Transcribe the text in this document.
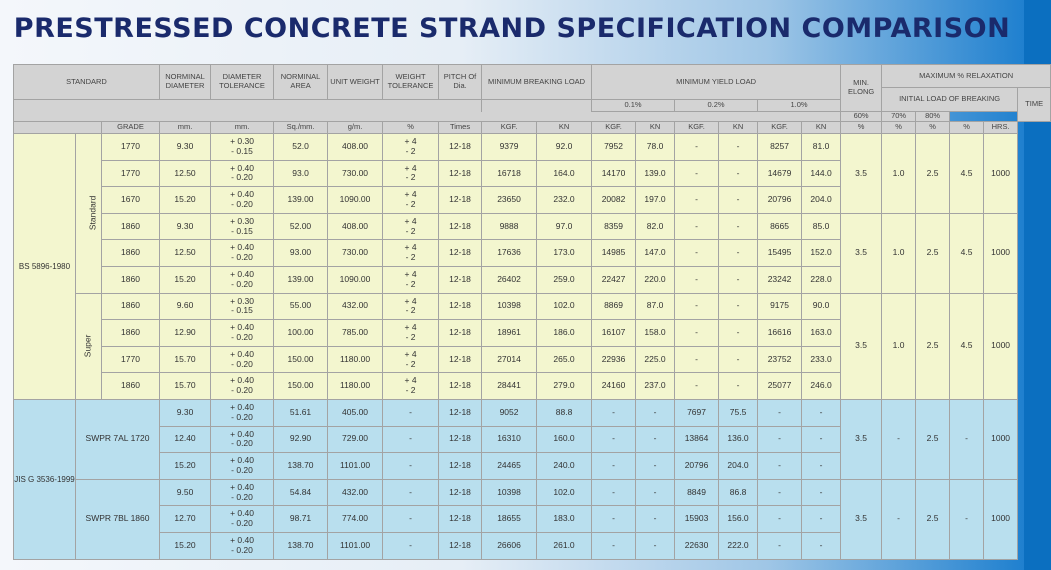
PRESTRESSED CONCRETE STRAND SPECIFICATION COMPARISON
STANDARD			NORMINAL DIAMETER	DIAMETER TOLERANCE	NORMINAL AREA	UNIT WEIGHT	WEIGHT TOLERANCE	PITCH Of Dia.	MINIMUM BREAKING LOAD		MINIMUM YIELD LOAD						MIN. ELONG	MAXIMUM % RELAXATION				
																		INITIAL LOAD OF BREAKING				TIME
											0.1%		0.2%		1.0%							
																	60%	70%	80%			
		GRADE	mm.	mm.	Sq./mm.	g/m.	%	Times	KGF.	KN	KGF.	KN	KGF.	KN	KGF.	KN	%	%	%	%	HRS.	
BS 5896-1980	Standard	1770	9.30	+ 0.30
- 0.15	52.0	408.00	+ 4
- 2	12-18	9379	92.0	7952	78.0	-	-	8257	81.0	3.5	1.0	2.5	4.5	1000	
		1770	12.50	+ 0.40
- 0.20	93.0	730.00	+ 4
- 2	12-18	16718	164.0	14170	139.0	-	-	14679	144.0						
		1670	15.20	+ 0.40
- 0.20	139.00	1090.00	+ 4
- 2	12-18	23650	232.0	20082	197.0	-	-	20796	204.0						
		1860	9.30	+ 0.30
- 0.15	52.00	408.00	+ 4
- 2	12-18	9888	97.0	8359	82.0	-	-	8665	85.0	3.5	1.0	2.5	4.5	1000	
		1860	12.50	+ 0.40
- 0.20	93.00	730.00	+ 4
- 2	12-18	17636	173.0	14985	147.0	-	-	15495	152.0						
		1860	15.20	+ 0.40
- 0.20	139.00	1090.00	+ 4
- 2	12-18	26402	259.0	22427	220.0	-	-	23242	228.0						
	Super	1860	9.60	+ 0.30
- 0.15	55.00	432.00	+ 4
- 2	12-18	10398	102.0	8869	87.0	-	-	9175	90.0	3.5	1.0	2.5	4.5	1000	
		1860	12.90	+ 0.40
- 0.20	100.00	785.00	+ 4
- 2	12-18	18961	186.0	16107	158.0	-	-	16616	163.0						
		1770	15.70	+ 0.40
- 0.20	150.00	1180.00	+ 4
- 2	12-18	27014	265.0	22936	225.0	-	-	23752	233.0						
		1860	15.70	+ 0.40
- 0.20	150.00	1180.00	+ 4
- 2	12-18	28441	279.0	24160	237.0	-	-	25077	246.0						
JIS G 3536-1999	SWPR 7AL 1720		9.30	+ 0.40
- 0.20	51.61	405.00	-	12-18	9052	88.8	-	-	7697	75.5	-	-	3.5	-	2.5	-	1000	
			12.40	+ 0.40
- 0.20	92.90	729.00	-	12-18	16310	160.0	-	-	13864	136.0	-	-						
			15.20	+ 0.40
- 0.20	138.70	1101.00	-	12-18	24465	240.0	-	-	20796	204.0	-	-						
	SWPR 7BL 1860		9.50	+ 0.40
- 0.20	54.84	432.00	-	12-18	10398	102.0	-	-	8849	86.8	-	-	3.5	-	2.5	-	1000	
			12.70	+ 0.40
- 0.20	98.71	774.00	-	12-18	18655	183.0	-	-	15903	156.0	-	-						
			15.20	+ 0.40
- 0.20	138.70	1101.00	-	12-18	26606	261.0	-	-	22630	222.0	-	-						
